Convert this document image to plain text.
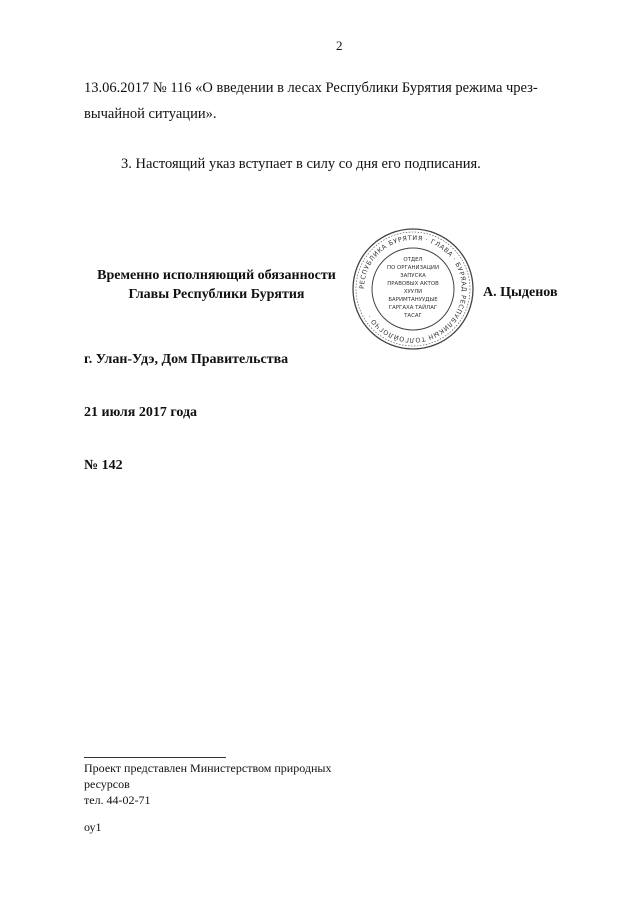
2
13.06.2017 № 116 «О введении в лесах Республики Бурятия режима чрез-
вычайной ситуации».
3. Настоящий указ вступает в силу со дня его подписания.
Временно исполняющий обязанности
Главы Республики Бурятия
РЕСПУБЛИКА БУРЯТИЯ · ГЛАВА · БУРЯАД РЕСПУБЛИКЫН ТОЛГОЙЛОГЧО ·
ОТДЕЛ
ПО ОРГАНИЗАЦИИ
ЗАПУСКА
ПРАВОВЫХ АКТОВ
ХУУЛИ
БАРИМТАНУУДЫЕ
ГАРГАХА ТАЙЛАГ
ТАСАГ
А. Цыденов
г. Улан-Удэ, Дом Правительства
21 июля 2017 года
№ 142
Проект представлен Министерством природных
ресурсов
тел. 44-02-71
оу1
